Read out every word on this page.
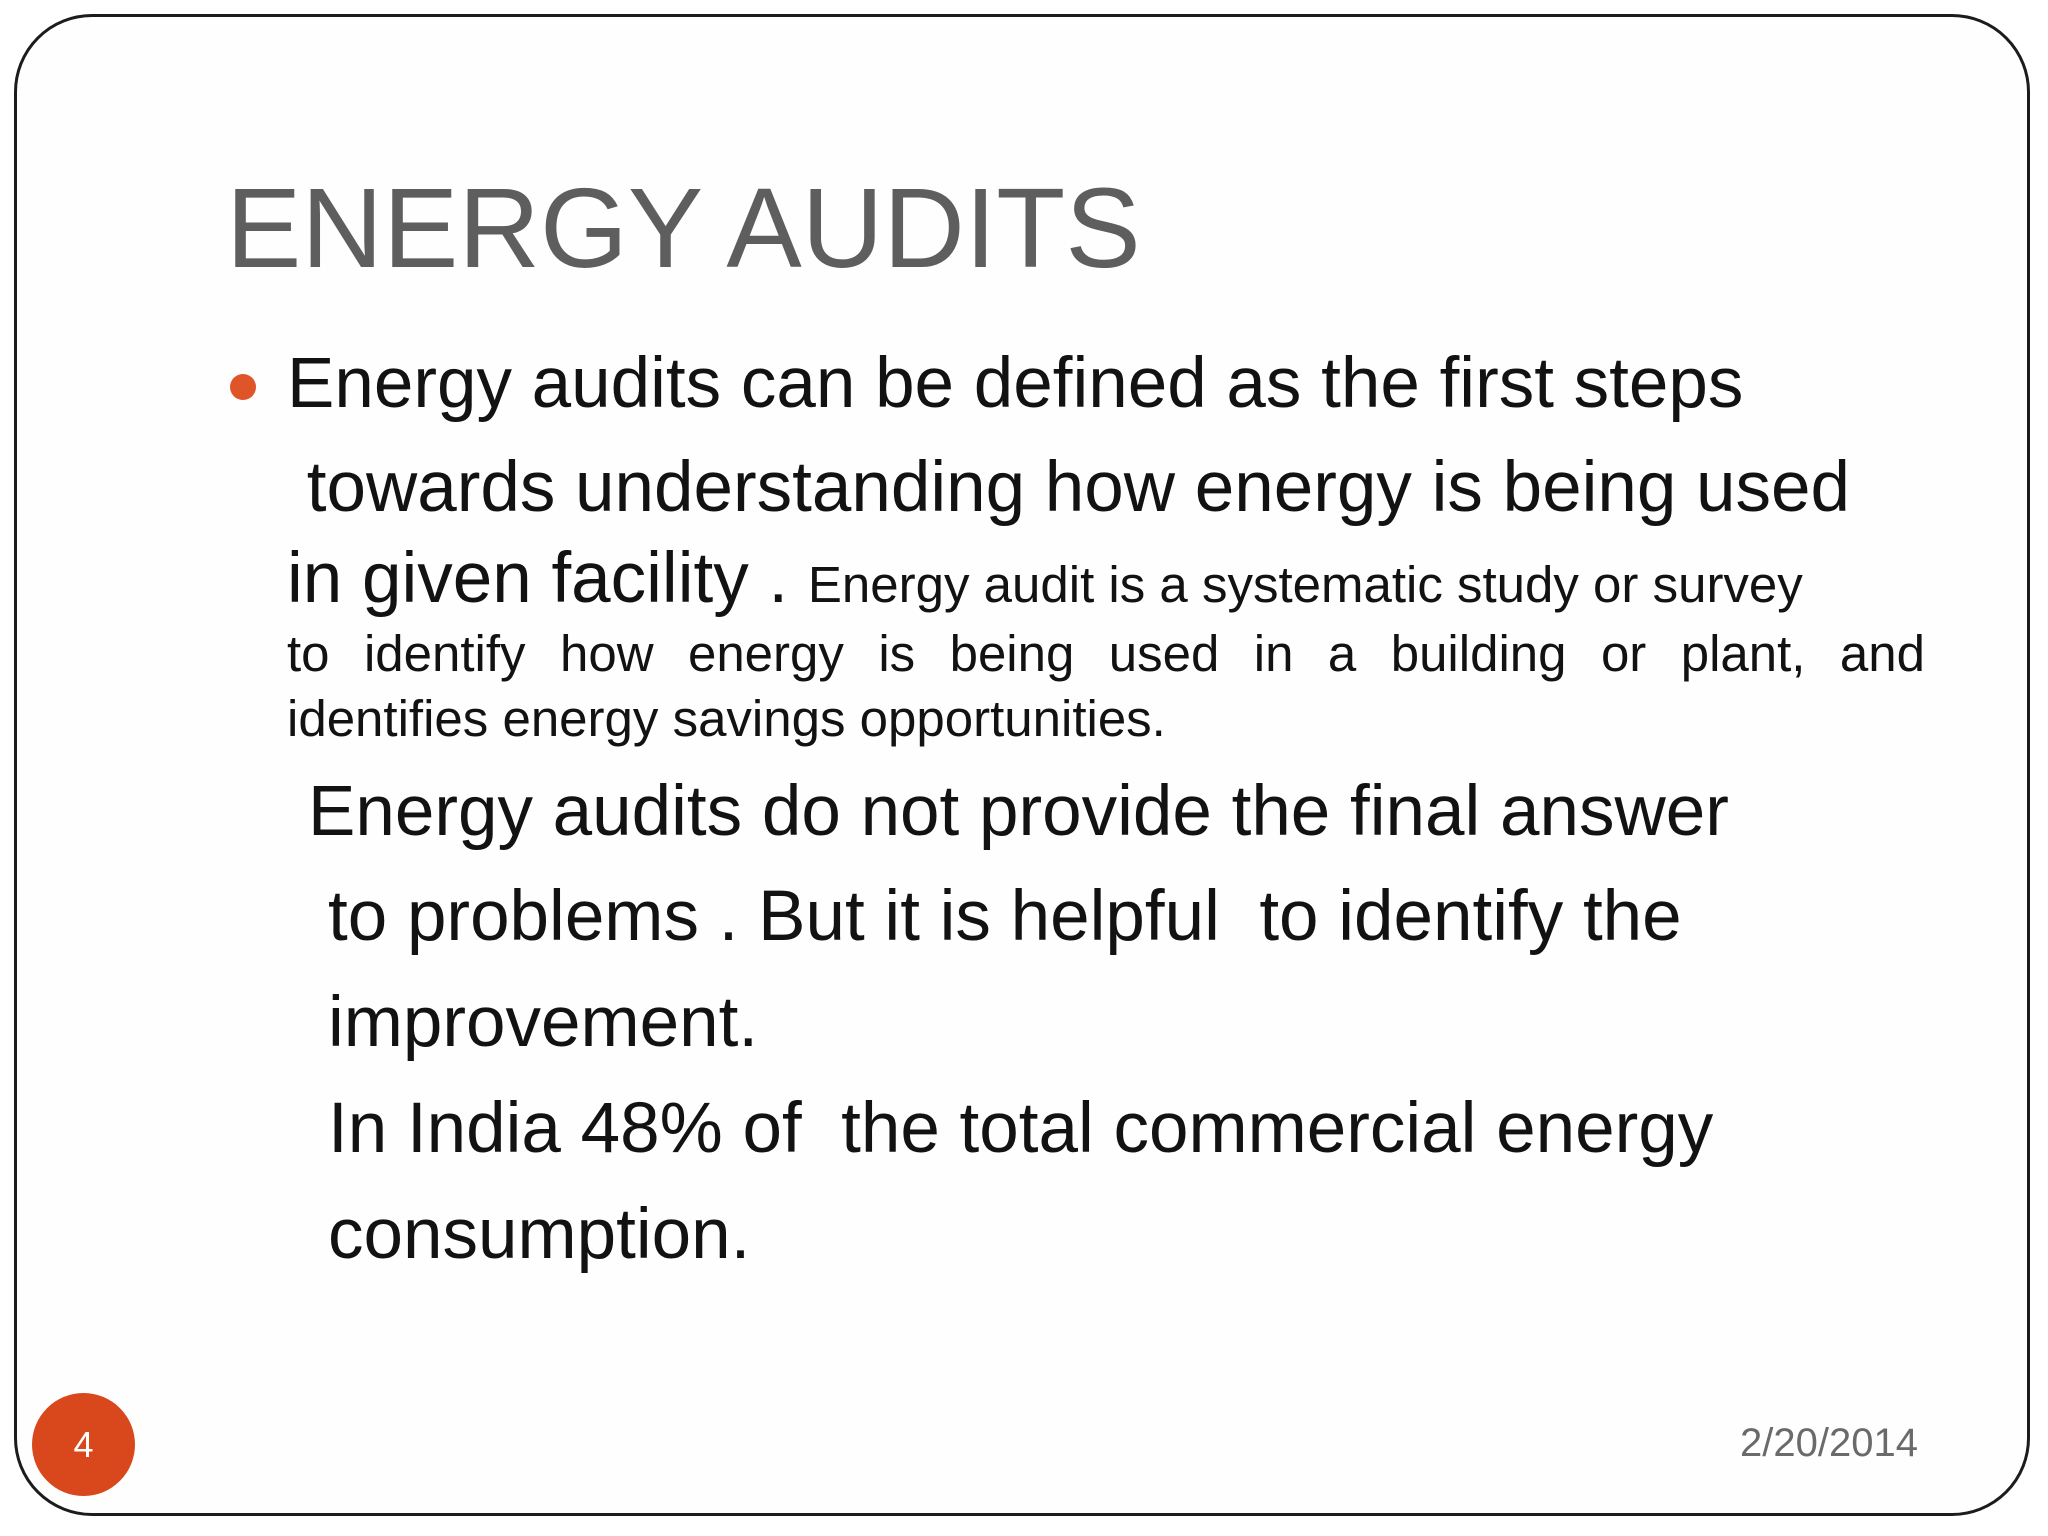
ENERGY AUDITS
Energy audits can be defined as the first steps
towards understanding how energy is being used
in given facility . Energy audit is a systematic study or survey
to identify how energy is being used in a building or plant, and
identifies energy savings opportunities.
Energy audits do not provide the final answer
to problems . But it is helpful  to identify the
improvement.
In India 48% of  the total commercial energy
consumption.
4	2/20/2014
